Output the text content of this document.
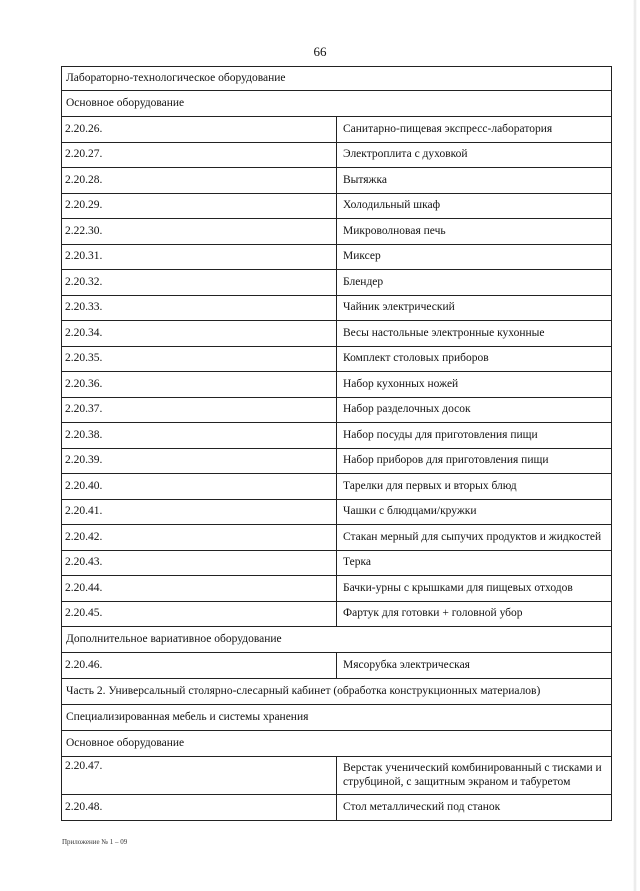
66
Лабораторно-технологическое оборудование	
Основное оборудование	
2.20.26.	Санитарно-пищевая экспресс-лаборатория
2.20.27.	Электроплита с духовкой
2.20.28.	Вытяжка
2.20.29.	Холодильный шкаф
2.22.30.	Микроволновая печь
2.20.31.	Миксер
2.20.32.	Блендер
2.20.33.	Чайник электрический
2.20.34.	Весы настольные электронные кухонные
2.20.35.	Комплект столовых приборов
2.20.36.	Набор кухонных ножей
2.20.37.	Набор разделочных досок
2.20.38.	Набор посуды для приготовления пищи
2.20.39.	Набор приборов для приготовления пищи
2.20.40.	Тарелки для первых и вторых блюд
2.20.41.	Чашки с блюдцами/кружки
2.20.42.	Стакан мерный для сыпучих продуктов и жидкостей
2.20.43.	Терка
2.20.44.	Бачки-урны с крышками для пищевых отходов
2.20.45.	Фартук для готовки + головной убор
Дополнительное вариативное оборудование	
2.20.46.	Мясорубка электрическая
Часть 2. Универсальный столярно-слесарный кабинет (обработка конструкционных материалов)	
Специализированная мебель и системы хранения	
Основное оборудование	
2.20.47.	Верстак ученический комбинированный с тисками и струбциной, с защитным экраном и табуретом
2.20.48.	Стол металлический под станок
Приложение № 1 – 09
